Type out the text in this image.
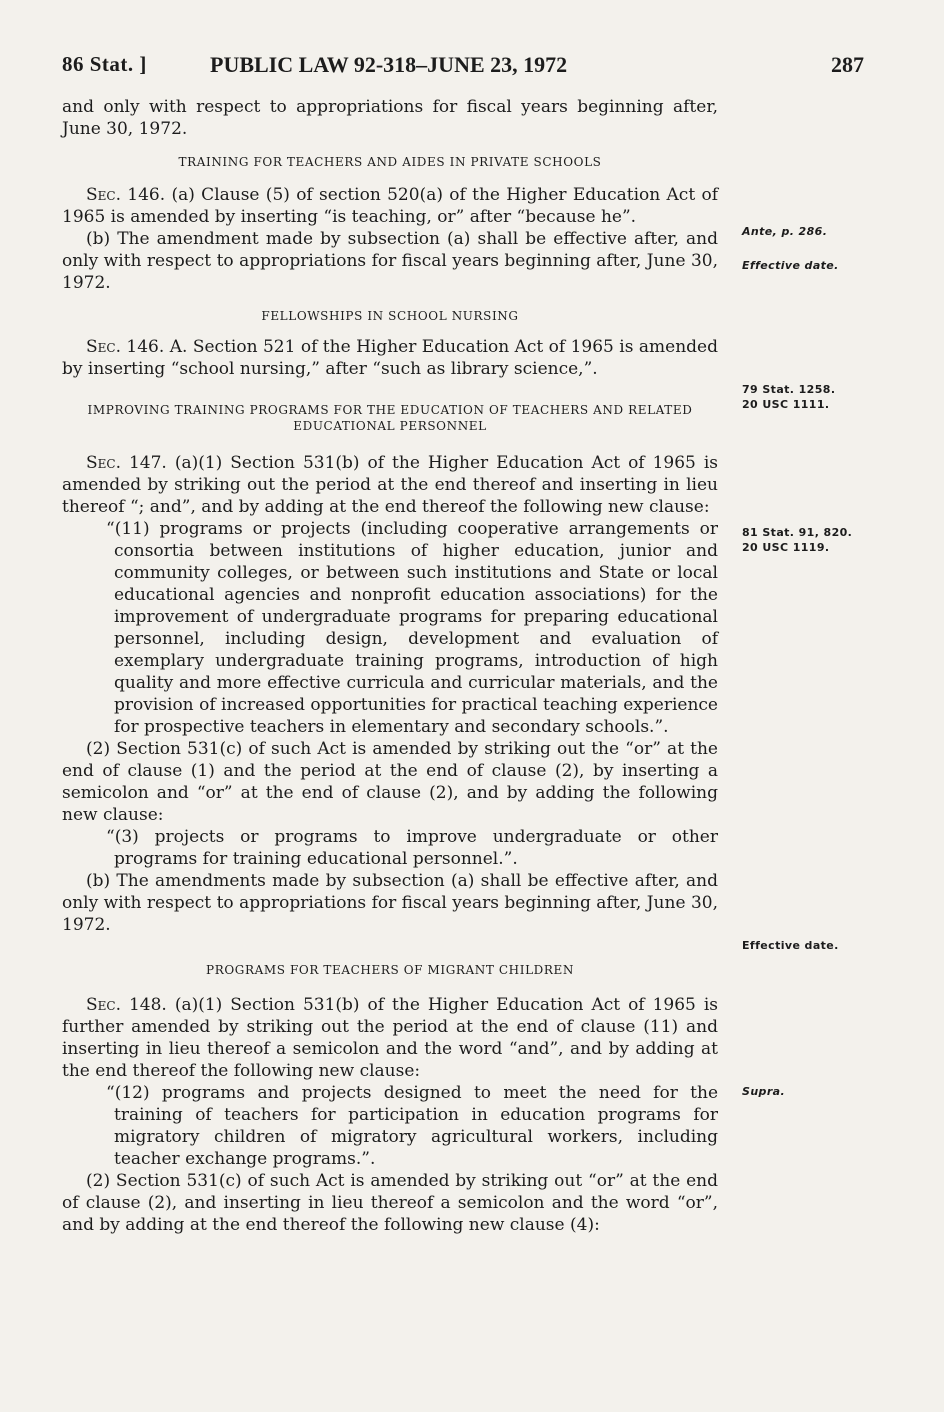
86 Stat. ]	PUBLIC LAW 92-318–JUNE 23, 1972	287

and only with respect to appropriations for fiscal years beginning after, June 30, 1972.

TRAINING FOR TEACHERS AND AIDES IN PRIVATE SCHOOLS

Sec. 146. (a) Clause (5) of section 520(a) of the Higher Education Act of 1965 is amended by inserting “is teaching, or” after “because he”.

(b) The amendment made by subsection (a) shall be effective after, and only with respect to appropriations for fiscal years beginning after, June 30, 1972.

FELLOWSHIPS IN SCHOOL NURSING

Sec. 146. A. Section 521 of the Higher Education Act of 1965 is amended by inserting “school nursing,” after “such as library science,”.

IMPROVING TRAINING PROGRAMS FOR THE EDUCATION OF TEACHERS AND RELATED EDUCATIONAL PERSONNEL

Sec. 147. (a)(1) Section 531(b) of the Higher Education Act of 1965 is amended by striking out the period at the end thereof and inserting in lieu thereof “; and”, and by adding at the end thereof the following new clause:

“(11) programs or projects (including cooperative arrangements or consortia between institutions of higher education, junior and community colleges, or between such institutions and State or local educational agencies and nonprofit education associations) for the improvement of undergraduate programs for preparing educational personnel, including design, development and evaluation of exemplary undergraduate training programs, introduction of high quality and more effective curricula and curricular materials, and the provision of increased opportunities for practical teaching experience for prospective teachers in elementary and secondary schools.”.

(2) Section 531(c) of such Act is amended by striking out the “or” at the end of clause (1) and the period at the end of clause (2), by inserting a semicolon and “or” at the end of clause (2), and by adding the following new clause:

“(3) projects or programs to improve undergraduate or other programs for training educational personnel.”.

(b) The amendments made by subsection (a) shall be effective after, and only with respect to appropriations for fiscal years beginning after, June 30, 1972.

PROGRAMS FOR TEACHERS OF MIGRANT CHILDREN

Sec. 148. (a)(1) Section 531(b) of the Higher Education Act of 1965 is further amended by striking out the period at the end of clause (11) and inserting in lieu thereof a semicolon and the word “and”, and by adding at the end thereof the following new clause:

“(12) programs and projects designed to meet the need for the training of teachers for participation in education programs for migratory children of migratory agricultural workers, including teacher exchange programs.”.

(2) Section 531(c) of such Act is amended by striking out “or” at the end of clause (2), and inserting in lieu thereof a semicolon and the word “or”, and by adding at the end thereof the following new clause (4):

Ante, p. 286.
Effective date.
79 Stat. 1258.
20 USC 1111.
81 Stat. 91, 820.
20 USC 1119.
Effective date.
Supra.
